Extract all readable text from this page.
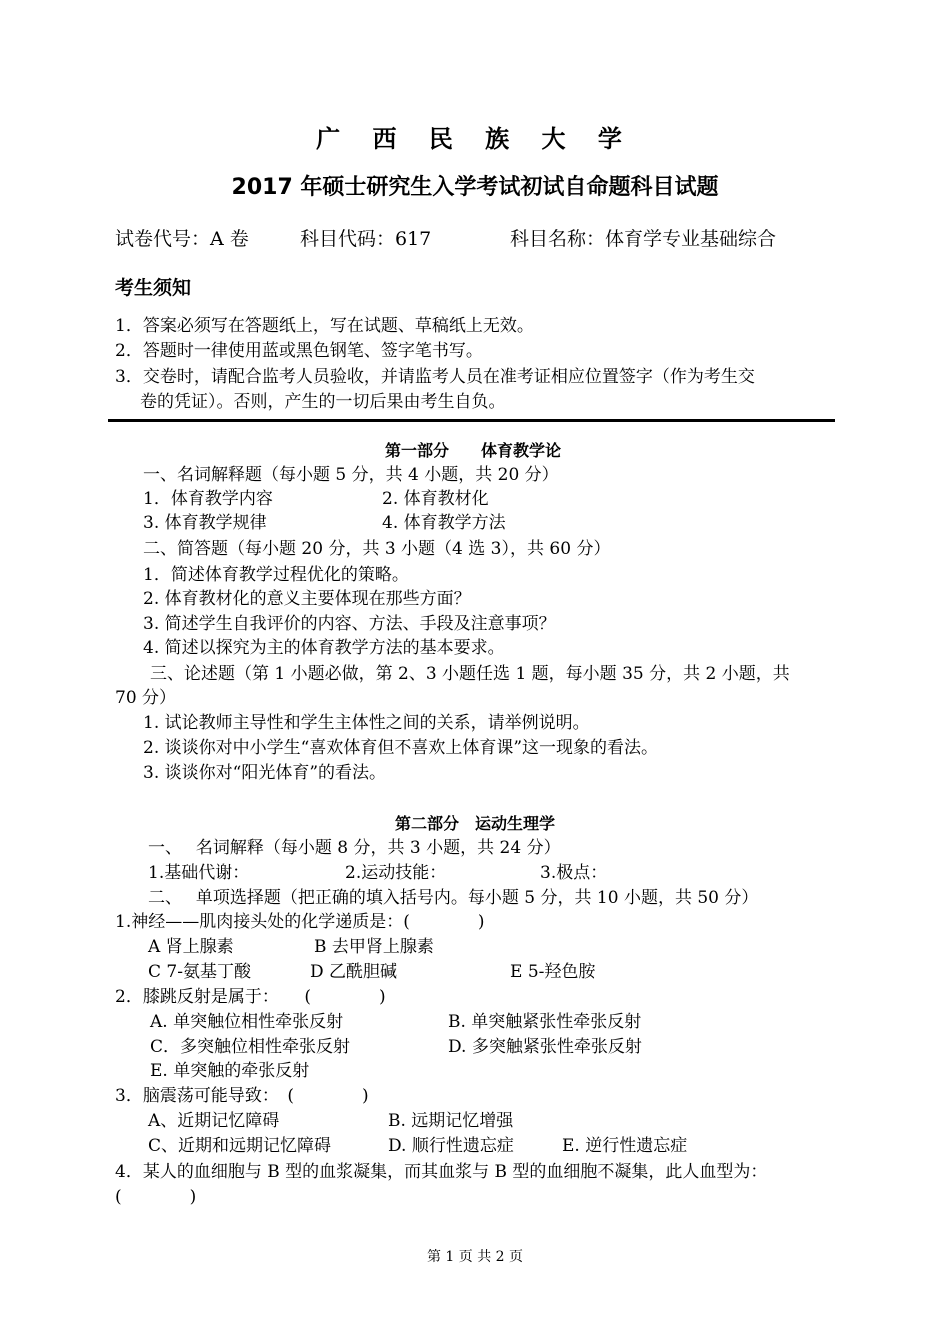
广 西 民 族 大 学
2017 年硕士研究生入学考试初试自命题科目试题
试卷代号：A 卷	科目代码：617	科目名称：体育学专业基础综合
考生须知
1．答案必须写在答题纸上，写在试题、草稿纸上无效。
2．答题时一律使用蓝或黑色钢笔、签字笔书写。
3．交卷时，请配合监考人员验收，并请监考人员在准考证相应位置签字（作为考生交
卷的凭证）。否则，产生的一切后果由考生自负。
第一部分　　体育教学论
一、名词解释题（每小题 5 分，共 4 小题，共 20 分）
1．体育教学内容	2. 体育教材化
3. 体育教学规律	4. 体育教学方法
二、简答题（每小题 20 分，共 3 小题（4 选 3），共 60 分）
1．简述体育教学过程优化的策略。
2. 体育教材化的意义主要体现在那些方面？
3. 简述学生自我评价的内容、方法、手段及注意事项？
4. 简述以探究为主的体育教学方法的基本要求。
三、论述题（第 1 小题必做，第 2、3 小题任选 1 题，每小题 35 分，共 2 小题，共
70 分）
1. 试论教师主导性和学生主体性之间的关系，请举例说明。
2. 谈谈你对中小学生“喜欢体育但不喜欢上体育课”这一现象的看法。
3. 谈谈你对“阳光体育”的看法。
第二部分　运动生理学
一、　 名词解释（每小题 8 分，共 3 小题，共 24 分）
1.基础代谢：	2.运动技能：	3.极点：
二、　 单项选择题（把正确的填入括号内。每小题 5 分，共 10 小题，共 50 分）
1.神经——肌肉接头处的化学递质是：(　　　　)
A 肾上腺素	B 去甲肾上腺素
C 7-氨基丁酸	D 乙酰胆碱	E 5-羟色胺
2．膝跳反射是属于：　　(　　　　)
A. 单突触位相性牵张反射	B. 单突触紧张性牵张反射
C．多突触位相性牵张反射	D. 多突触紧张性牵张反射
E. 单突触的牵张反射
3．脑震荡可能导致：　(　　　　)
A、近期记忆障碍	B. 远期记忆增强
C、近期和远期记忆障碍	D. 顺行性遗忘症	E. 逆行性遗忘症
4．某人的血细胞与 B 型的血浆凝集，而其血浆与 B 型的血细胞不凝集，此人血型为：
(　　　　)
第 1 页 共 2 页
